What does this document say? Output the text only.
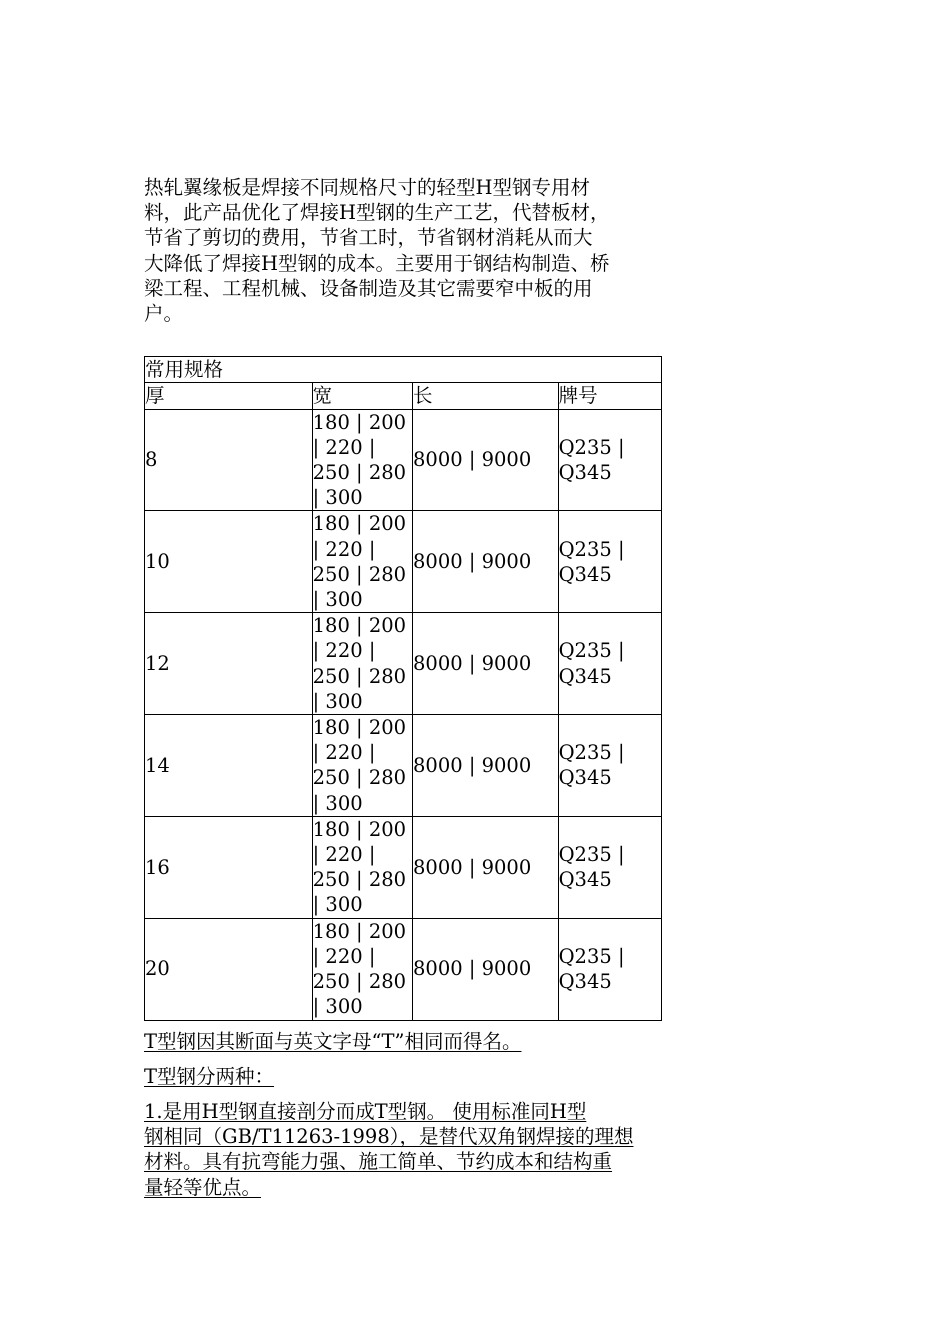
热轧翼缘板是焊接不同规格尺寸的轻型H型钢专用材
料，此产品优化了焊接H型钢的生产工艺，代替板材，
节省了剪切的费用，节省工时，节省钢材消耗从而大
大降低了焊接H型钢的成本。主要用于钢结构制造、桥
梁工程、工程机械、设备制造及其它需要窄中板的用
户。

常用规格			
厚	宽	长	牌号
8	180 | 200
| 220 |
250 | 280
| 300	8000 | 9000	Q235 |
Q345
10	180 | 200
| 220 |
250 | 280
| 300	8000 | 9000	Q235 |
Q345
12	180 | 200
| 220 |
250 | 280
| 300	8000 | 9000	Q235 |
Q345
14	180 | 200
| 220 |
250 | 280
| 300	8000 | 9000	Q235 |
Q345
16	180 | 200
| 220 |
250 | 280
| 300	8000 | 9000	Q235 |
Q345
20	180 | 200
| 220 |
250 | 280
| 300	8000 | 9000	Q235 |
Q345

T型钢因其断面与英文字母“T”相同而得名。

T型钢分两种：

1.是用H型钢直接剖分而成T型钢。 使用标准同H型
钢相同（GB/T11263-1998），是替代双角钢焊接的理想
材料。具有抗弯能力强、施工简单、节约成本和结构重
量轻等优点。
